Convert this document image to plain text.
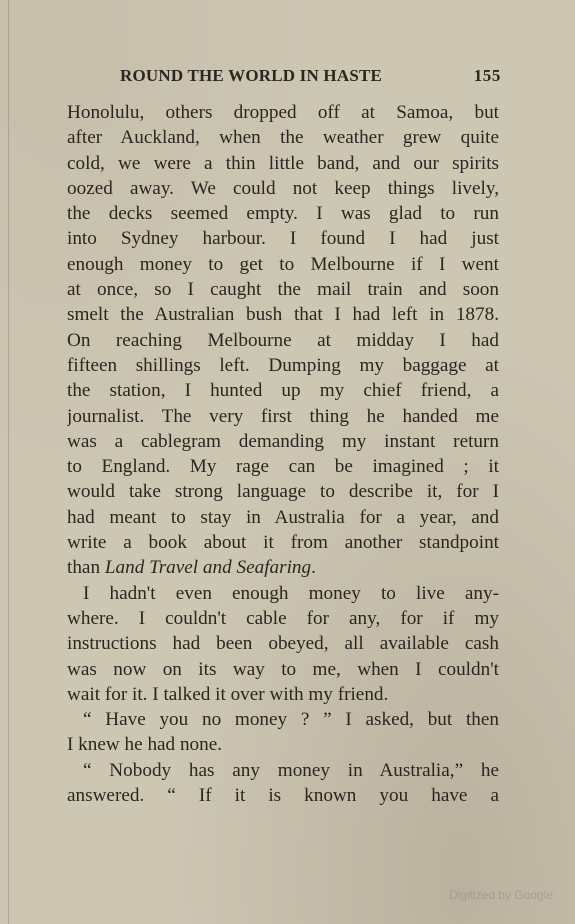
ROUND THE WORLD IN HASTE	155
Honolulu, others dropped off at Samoa, but
after Auckland, when the weather grew quite
cold, we were a thin little band, and our spirits
oozed away. We could not keep things lively,
the decks seemed empty. I was glad to run
into Sydney harbour. I found I had just
enough money to get to Melbourne if I went
at once, so I caught the mail train and soon
smelt the Australian bush that I had left in 1878.
On reaching Melbourne at midday I had
fifteen shillings left. Dumping my baggage at
the station, I hunted up my chief friend, a
journalist. The very first thing he handed me
was a cablegram demanding my instant return
to England. My rage can be imagined ; it
would take strong language to describe it, for I
had meant to stay in Australia for a year, and
write a book about it from another standpoint
than Land Travel and Seafaring.
I hadn't even enough money to live any-
where. I couldn't cable for any, for if my
instructions had been obeyed, all available cash
was now on its way to me, when I couldn't
wait for it. I talked it over with my friend.
“ Have you no money ? ” I asked, but then
I knew he had none.
“ Nobody has any money in Australia,” he
answered. “ If it is known you have a
Digitized by Google
